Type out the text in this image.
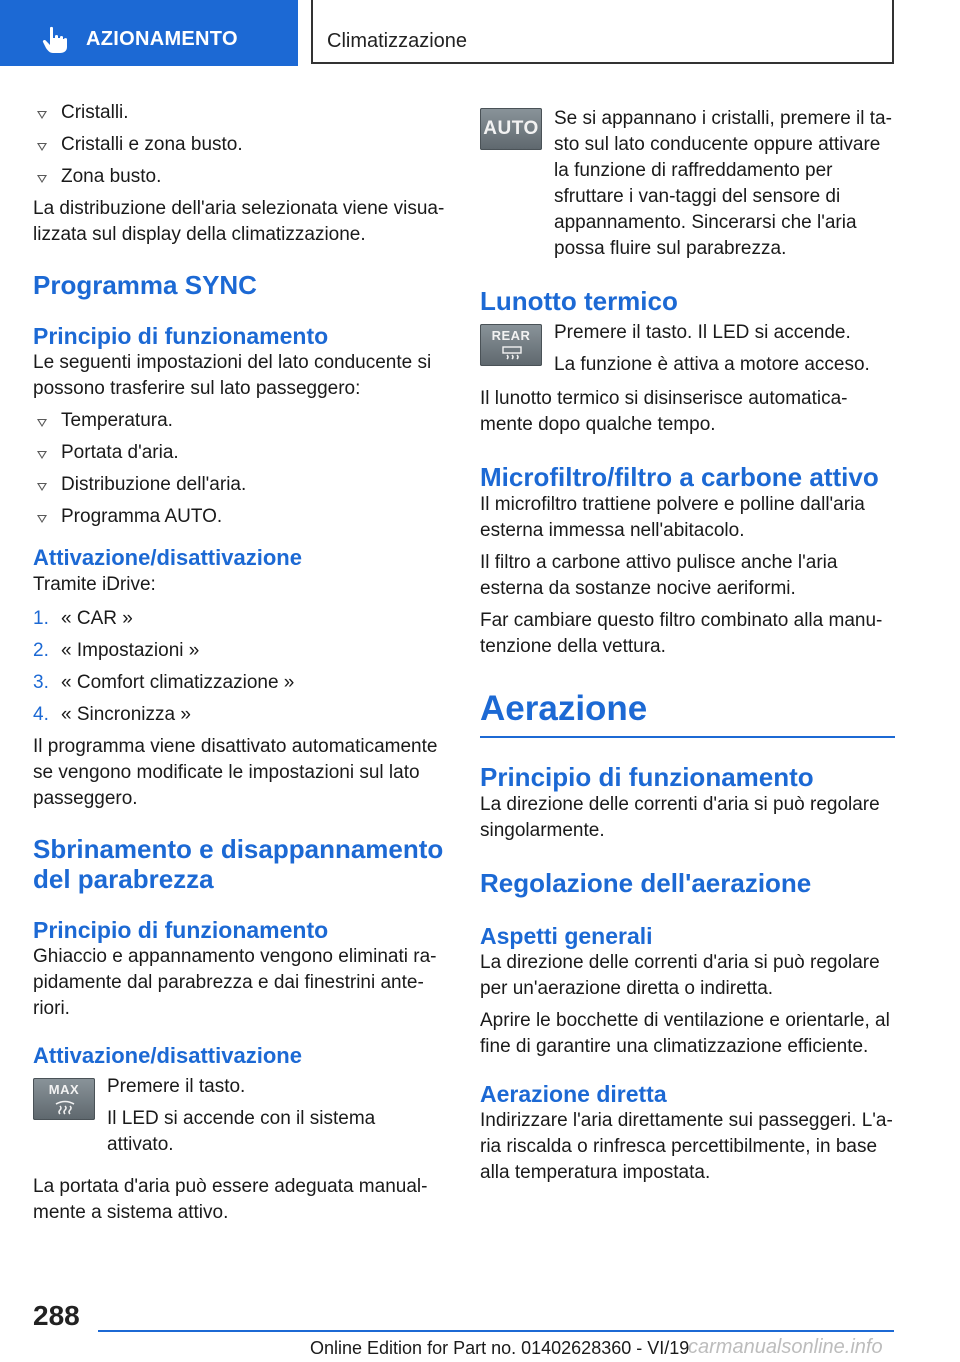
AZIONAMENTO	Climatizzazione
Cristalli.
Cristalli e zona busto.
Zona busto.

La distribuzione dell'aria selezionata viene visua-lizzata sul display della climatizzazione.

Programma SYNC
Principio di funzionamento

Le seguenti impostazioni del lato conducente si possono trasferire sul lato passeggero:

Temperatura.
Portata d'aria.
Distribuzione dell'aria.
Programma AUTO.
Attivazione/disattivazione

Tramite iDrive:

1. « CAR »
2. « Impostazioni »
3. « Comfort climatizzazione »
4. « Sincronizza »

Il programma viene disattivato automaticamente se vengono modificate le impostazioni sul lato passeggero.

Sbrinamento e disappannamento del parabrezza
Principio di funzionamento

Ghiaccio e appannamento vengono eliminati ra-pidamente dal parabrezza e dai finestrini ante-riori.

Attivazione/disattivazione
MAX	Premere il tasto.

Il LED si accende con il sistema attivato.

La portata d'aria può essere adeguata manual-mente a sistema attivo.

AUTO Se si appannano i cristalli, premere il ta-sto sul lato conducente oppure attivare la funzione di raffreddamento per sfruttare i van-taggi del sensore di appannamento. Sincerarsi che l'aria possa fluire sul parabrezza.

Lunotto termico
REAR	Premere il tasto. Il LED si accende.

La funzione è attiva a motore acceso.

Il lunotto termico si disinserisce automatica-mente dopo qualche tempo.

Microfiltro/filtro a carbone attivo

Il microfiltro trattiene polvere e polline dall'aria esterna immessa nell'abitacolo.

Il filtro a carbone attivo pulisce anche l'aria esterna da sostanze nocive aeriformi.

Far cambiare questo filtro combinato alla manu-tenzione della vettura.

Aerazione
Principio di funzionamento

La direzione delle correnti d'aria si può regolare singolarmente.

Regolazione dell'aerazione
Aspetti generali

La direzione delle correnti d'aria si può regolare per un'aerazione diretta o indiretta.

Aprire le bocchette di ventilazione e orientarle, al fine di garantire una climatizzazione efficiente.

Aerazione diretta

Indirizzare l'aria direttamente sui passeggeri. L'a-ria riscalda o rinfresca percettibilmente, in base alla temperatura impostata.

288
Online Edition for Part no. 01402628360 - VI/19
carmanualsonline.info
